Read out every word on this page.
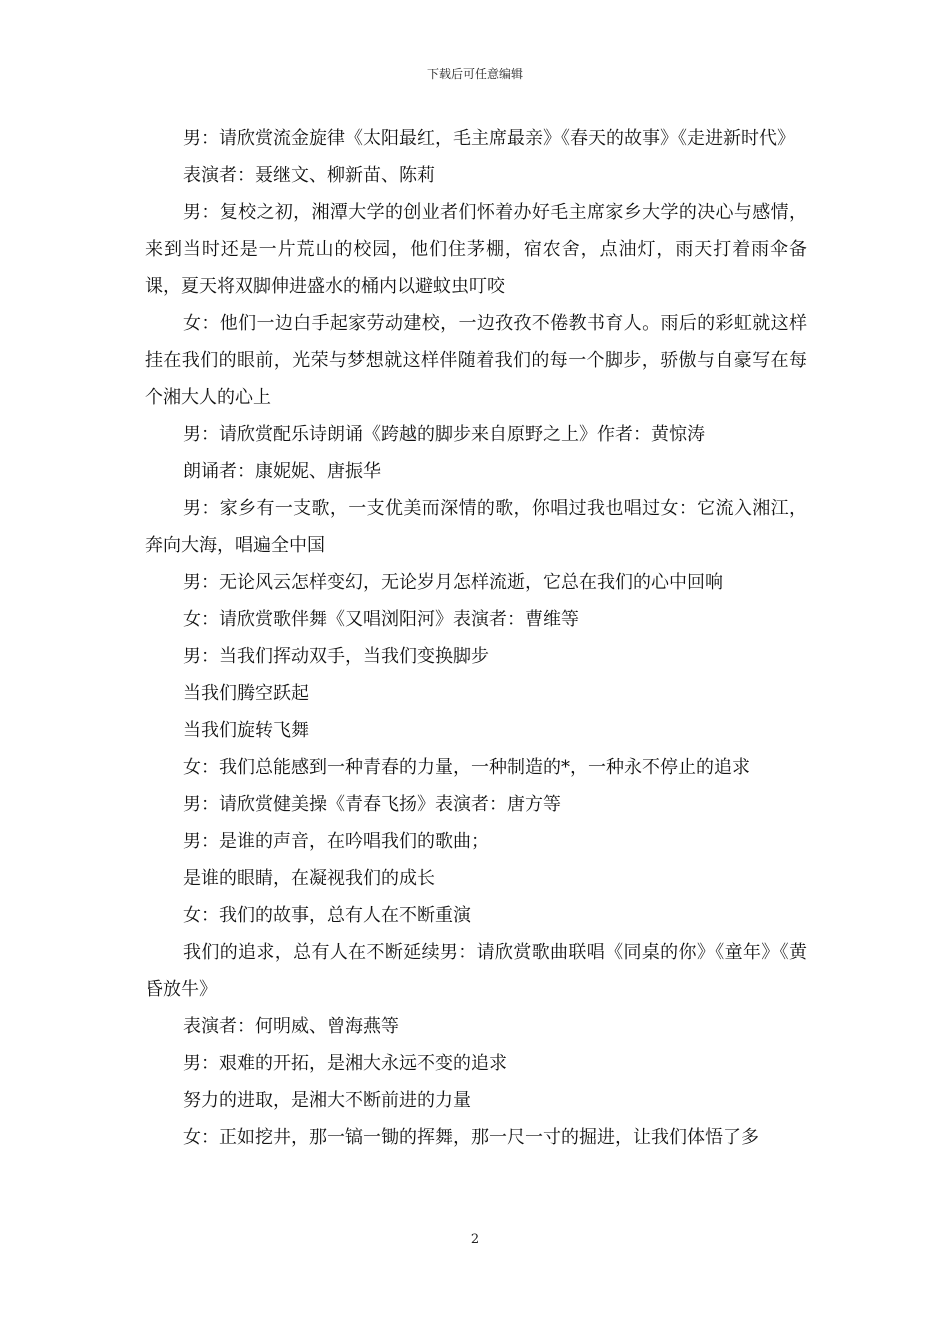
下载后可任意编辑

男：请欣赏流金旋律《太阳最红，毛主席最亲》《春天的故事》《走进新时代》

表演者：聂继文、柳新苗、陈莉

男：复校之初，湘潭大学的创业者们怀着办好毛主席家乡大学的决心与感情，来到当时还是一片荒山的校园，他们住茅棚，宿农舍，点油灯，雨天打着雨伞备课，夏天将双脚伸进盛水的桶内以避蚊虫叮咬

女：他们一边白手起家劳动建校，一边孜孜不倦教书育人。雨后的彩虹就这样挂在我们的眼前，光荣与梦想就这样伴随着我们的每一个脚步，骄傲与自豪写在每个湘大人的心上

男：请欣赏配乐诗朗诵《跨越的脚步来自原野之上》作者：黄惊涛

朗诵者：康妮妮、唐振华

男：家乡有一支歌，一支优美而深情的歌，你唱过我也唱过女：它流入湘江，奔向大海，唱遍全中国

男：无论风云怎样变幻，无论岁月怎样流逝，它总在我们的心中回响

女：请欣赏歌伴舞《又唱浏阳河》表演者：曹维等

男：当我们挥动双手，当我们变换脚步

当我们腾空跃起

当我们旋转飞舞

女：我们总能感到一种青春的力量，一种制造的*，一种永不停止的追求

男：请欣赏健美操《青春飞扬》表演者：唐方等

男：是谁的声音，在吟唱我们的歌曲；

是谁的眼睛，在凝视我们的成长

女：我们的故事，总有人在不断重演

我们的追求，总有人在不断延续男：请欣赏歌曲联唱《同桌的你》《童年》《黄昏放牛》

表演者：何明威、曾海燕等

男：艰难的开拓，是湘大永远不变的追求

努力的进取，是湘大不断前进的力量

女：正如挖井，那一镐一锄的挥舞，那一尺一寸的掘进，让我们体悟了多

2
